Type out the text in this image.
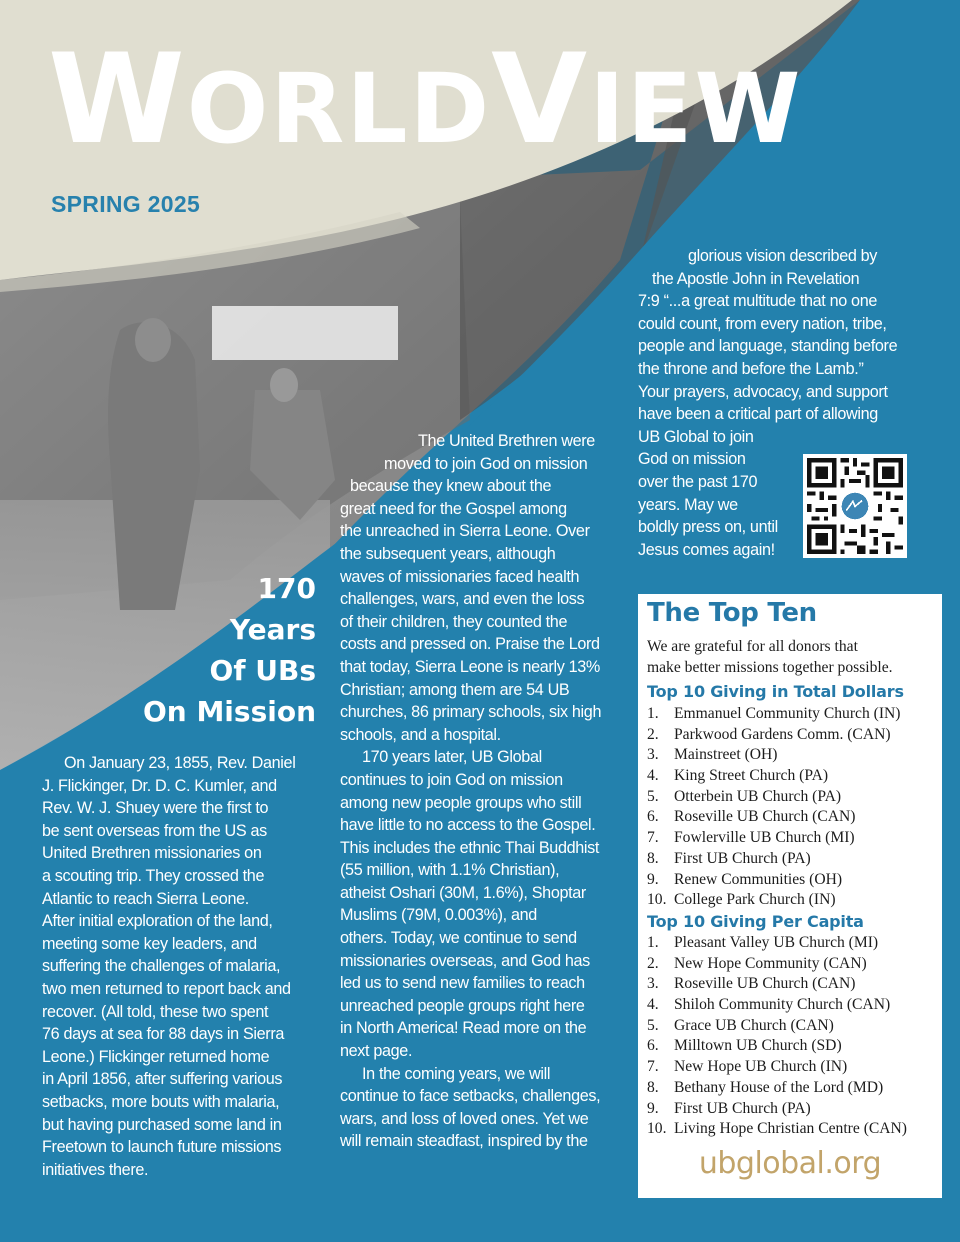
WORLDVIEW
SPRING 2025
170
Years
Of UBs
On Mission
On January 23, 1855, Rev. Daniel
J. Flickinger, Dr. D. C. Kumler, and
Rev. W. J. Shuey were the first to
be sent overseas from the US as
United Brethren missionaries on
a scouting trip. They crossed the
Atlantic to reach Sierra Leone.
After initial exploration of the land,
meeting some key leaders, and
suffering the challenges of malaria,
two men returned to report back and
recover. (All told, these two spent
76 days at sea for 88 days in Sierra
Leone.) Flickinger returned home
in April 1856, after suffering various
setbacks, more bouts with malaria,
but having purchased some land in
Freetown to launch future missions
initiatives there.
The United Brethren were
moved to join God on mission
because they knew about the
great need for the Gospel among
the unreached in Sierra Leone. Over
the subsequent years, although
waves of missionaries faced health
challenges, wars, and even the loss
of their children, they counted the
costs and pressed on. Praise the Lord
that today, Sierra Leone is nearly 13%
Christian; among them are 54 UB
churches, 86 primary schools, six high
schools, and a hospital.
170 years later, UB Global
continues to join God on mission
among new people groups who still
have little to no access to the Gospel.
This includes the ethnic Thai Buddhist
(55 million, with 1.1% Christian),
atheist Oshari (30M, 1.6%), Shoptar
Muslims (79M, 0.003%), and
others. Today, we continue to send
missionaries overseas, and God has
led us to send new families to reach
unreached people groups right here
in North America! Read more on the
next page.
In the coming years, we will
continue to face setbacks, challenges,
wars, and loss of loved ones. Yet we
will remain steadfast, inspired by the
glorious vision described by
the Apostle John in Revelation
7:9 “...a great multitude that no one
could count, from every nation, tribe,
people and language, standing before
the throne and before the Lamb.”
Your prayers, advocacy, and support
have been a critical part of allowing
UB Global to join
God on mission
over the past 170
years. May we
boldly press on, until
Jesus comes again!
The Top Ten
We are grateful for all donors that
make better missions together possible.
Top 10 Giving in Total Dollars
1. Emmanuel Community Church (IN)
2. Parkwood Gardens Comm. (CAN)
3. Mainstreet (OH)
4. King Street Church (PA)
5. Otterbein UB Church (PA)
6. Roseville UB Church (CAN)
7. Fowlerville UB Church (MI)
8. First UB Church (PA)
9. Renew Communities (OH)
10. College Park Church (IN)
Top 10 Giving Per Capita
1. Pleasant Valley UB Church (MI)
2. New Hope Community (CAN)
3. Roseville UB Church (CAN)
4. Shiloh Community Church (CAN)
5. Grace UB Church (CAN)
6. Milltown UB Church (SD)
7. New Hope UB Church (IN)
8. Bethany House of the Lord (MD)
9. First UB Church (PA)
10. Living Hope Christian Centre (CAN)
ubglobal.org
